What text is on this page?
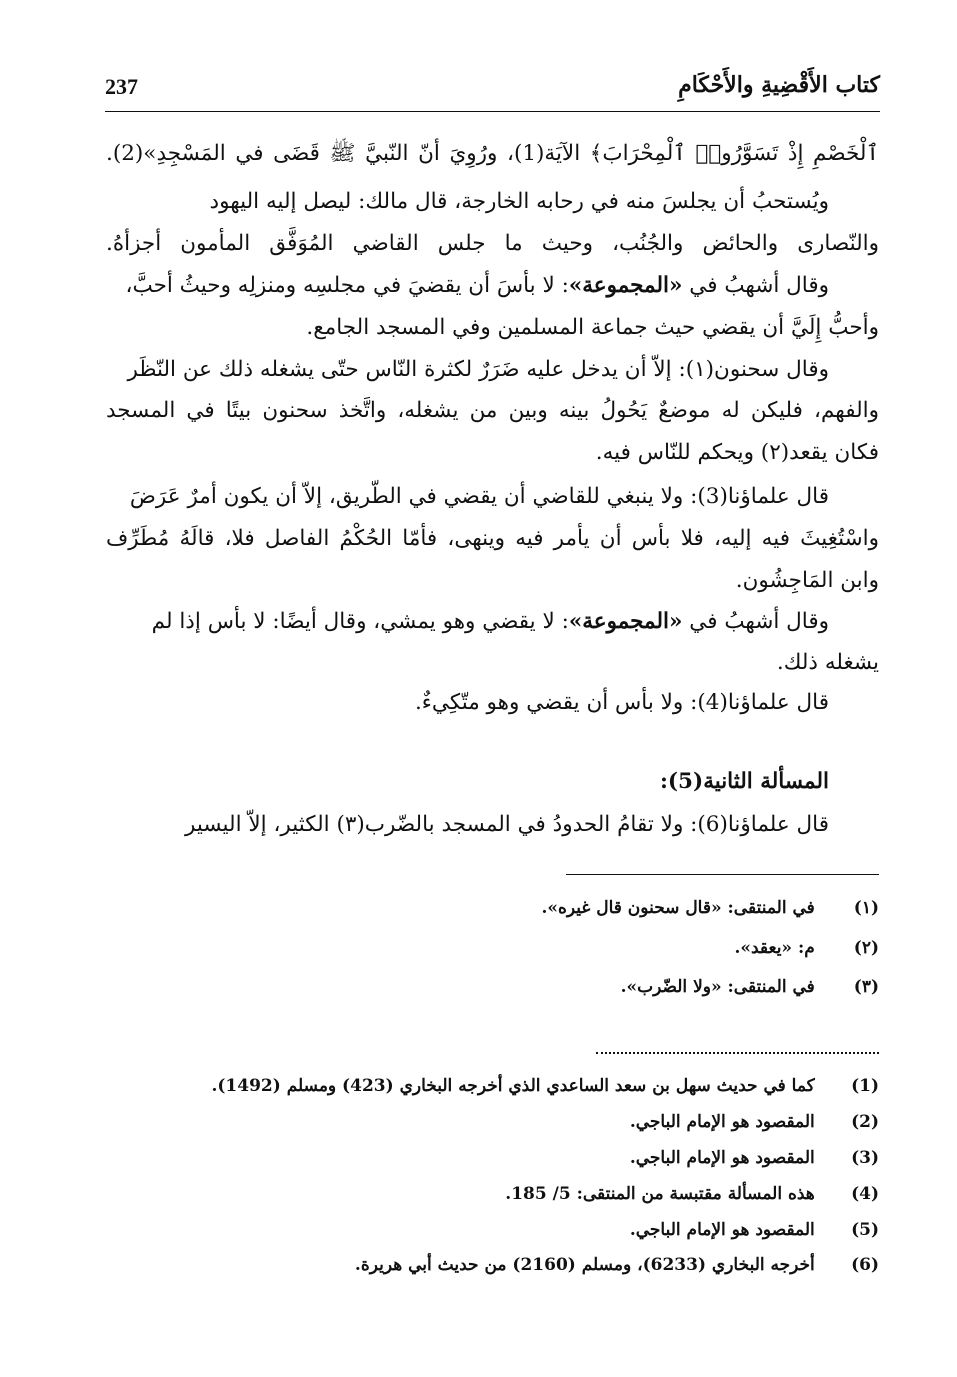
237	كتاب الأَقْضِيةِ والأَحْكَامِ
ٱلْخَصْمِ إِذْ تَسَوَّرُوا۟ ٱلْمِحْرَابَ﴾ الآيَة(1)، ورُوِيَ أنّ النّبيَّ ﷺ قَضَى في المَسْجِدِ»(2).
ويُستحبُ أن يجلسَ منه في رحابه الخارجة، قال مالك: ليصل إليه اليهود
والنّصارى والحائض والجُنُب، وحيث ما جلس القاضي المُوَفَّق المأمون أجزأهُ.
وقال أشهبُ في «المجموعة»: لا بأسَ أن يقضيَ في مجلسِه ومنزلِه وحيثُ أحبَّ،
وأحبُّ إِلَيَّ أن يقضي حيث جماعة المسلمين وفي المسجد الجامع.
وقال سحنون(١): إلاّ أن يدخل عليه ضَرَرٌ لكثرة النّاس حتّى يشغله ذلك عن النّظَر
والفهم، فليكن له موضعٌ يَحُولُ بينه وبين من يشغله، واتَّخذ سحنون بيتًا في المسجد
فكان يقعد(٢) ويحكم للنّاس فيه.
قال علماؤنا(3): ولا ينبغي للقاضي أن يقضي في الطّريق، إلاّ أن يكون أمرٌ عَرَضَ
واسْتُغِيثَ فيه إليه، فلا بأس أن يأمر فيه وينهى، فأمّا الحُكْمُ الفاصل فلا، قالَهُ مُطَرِّف
وابن المَاجِشُون.
وقال أشهبُ في «المجموعة»: لا يقضي وهو يمشي، وقال أيضًا: لا بأس إذا لم
يشغله ذلك.
قال علماؤنا(4): ولا بأس أن يقضي وهو متّكِيءٌ.
المسألة الثانية(5):
قال علماؤنا(6): ولا تقامُ الحدودُ في المسجد بالضّرب(٣) الكثير، إلاّ اليسير
(١)   في المنتقى: «قال سحنون قال غيره».
(٢)   م: «يعقد».
(٣)   في المنتقى: «ولا الضّرب».
(1)   كما في حديث سهل بن سعد الساعدي الذي أخرجه البخاري (423) ومسلم (1492).
(2)   المقصود هو الإمام الباجي.
(3)   المقصود هو الإمام الباجي.
(4)   هذه المسألة مقتبسة من المنتقى: 5/ 185.
(5)   المقصود هو الإمام الباجي.
(6)   أخرجه البخاري (6233)، ومسلم (2160) من حديث أبي هريرة.
